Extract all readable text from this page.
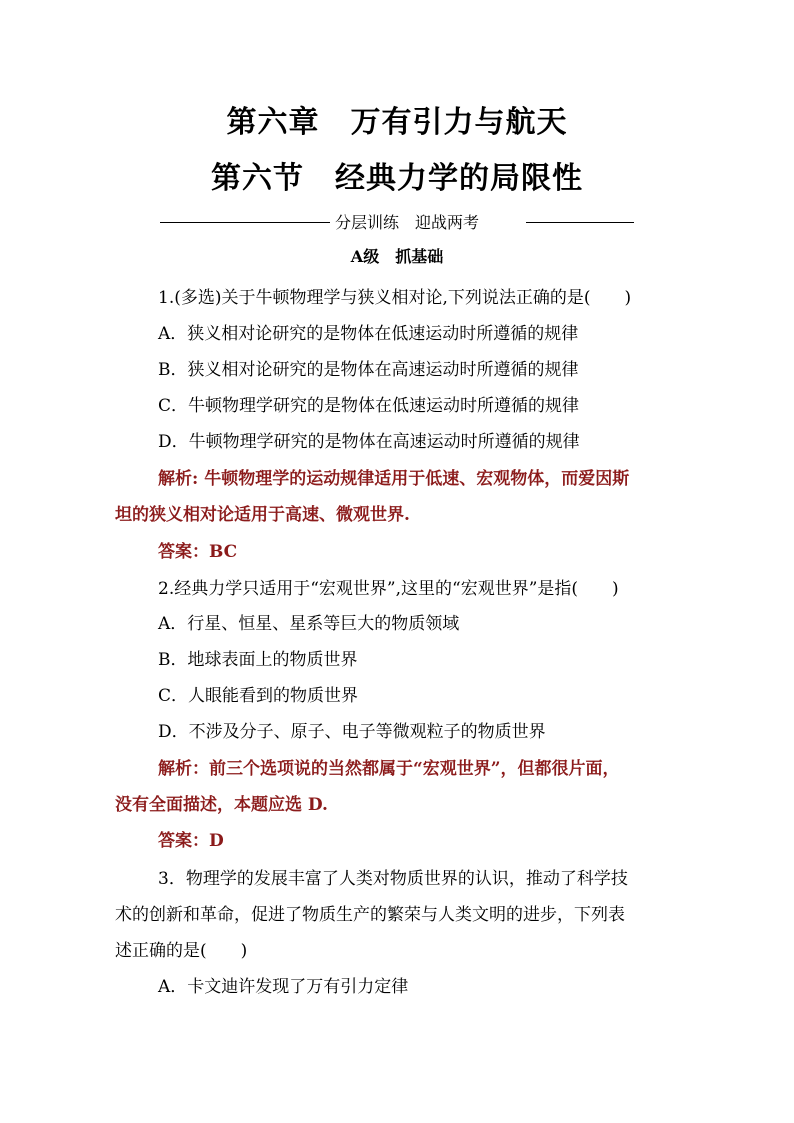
第六章　万有引力与航天
第六节　经典力学的局限性
分层训练　迎战两考
A级　抓基础
1.(多选)关于牛顿物理学与狭义相对论,下列说法正确的是(　　)
A．狭义相对论研究的是物体在低速运动时所遵循的规律
B．狭义相对论研究的是物体在高速运动时所遵循的规律
C．牛顿物理学研究的是物体在低速运动时所遵循的规律
D．牛顿物理学研究的是物体在高速运动时所遵循的规律
解析: 牛顿物理学的运动规律适用于低速、宏观物体，而爱因斯
坦的狭义相对论适用于高速、微观世界.
答案：BC
2.经典力学只适用于“宏观世界”,这里的“宏观世界”是指(　　)
A．行星、恒星、星系等巨大的物质领域
B．地球表面上的物质世界
C．人眼能看到的物质世界
D．不涉及分子、原子、电子等微观粒子的物质世界
解析：前三个选项说的当然都属于“宏观世界”，但都很片面，
没有全面描述，本题应选 D.
答案：D
3．物理学的发展丰富了人类对物质世界的认识，推动了科学技
术的创新和革命，促进了物质生产的繁荣与人类文明的进步，下列表
述正确的是(　　)
A．卡文迪许发现了万有引力定律
